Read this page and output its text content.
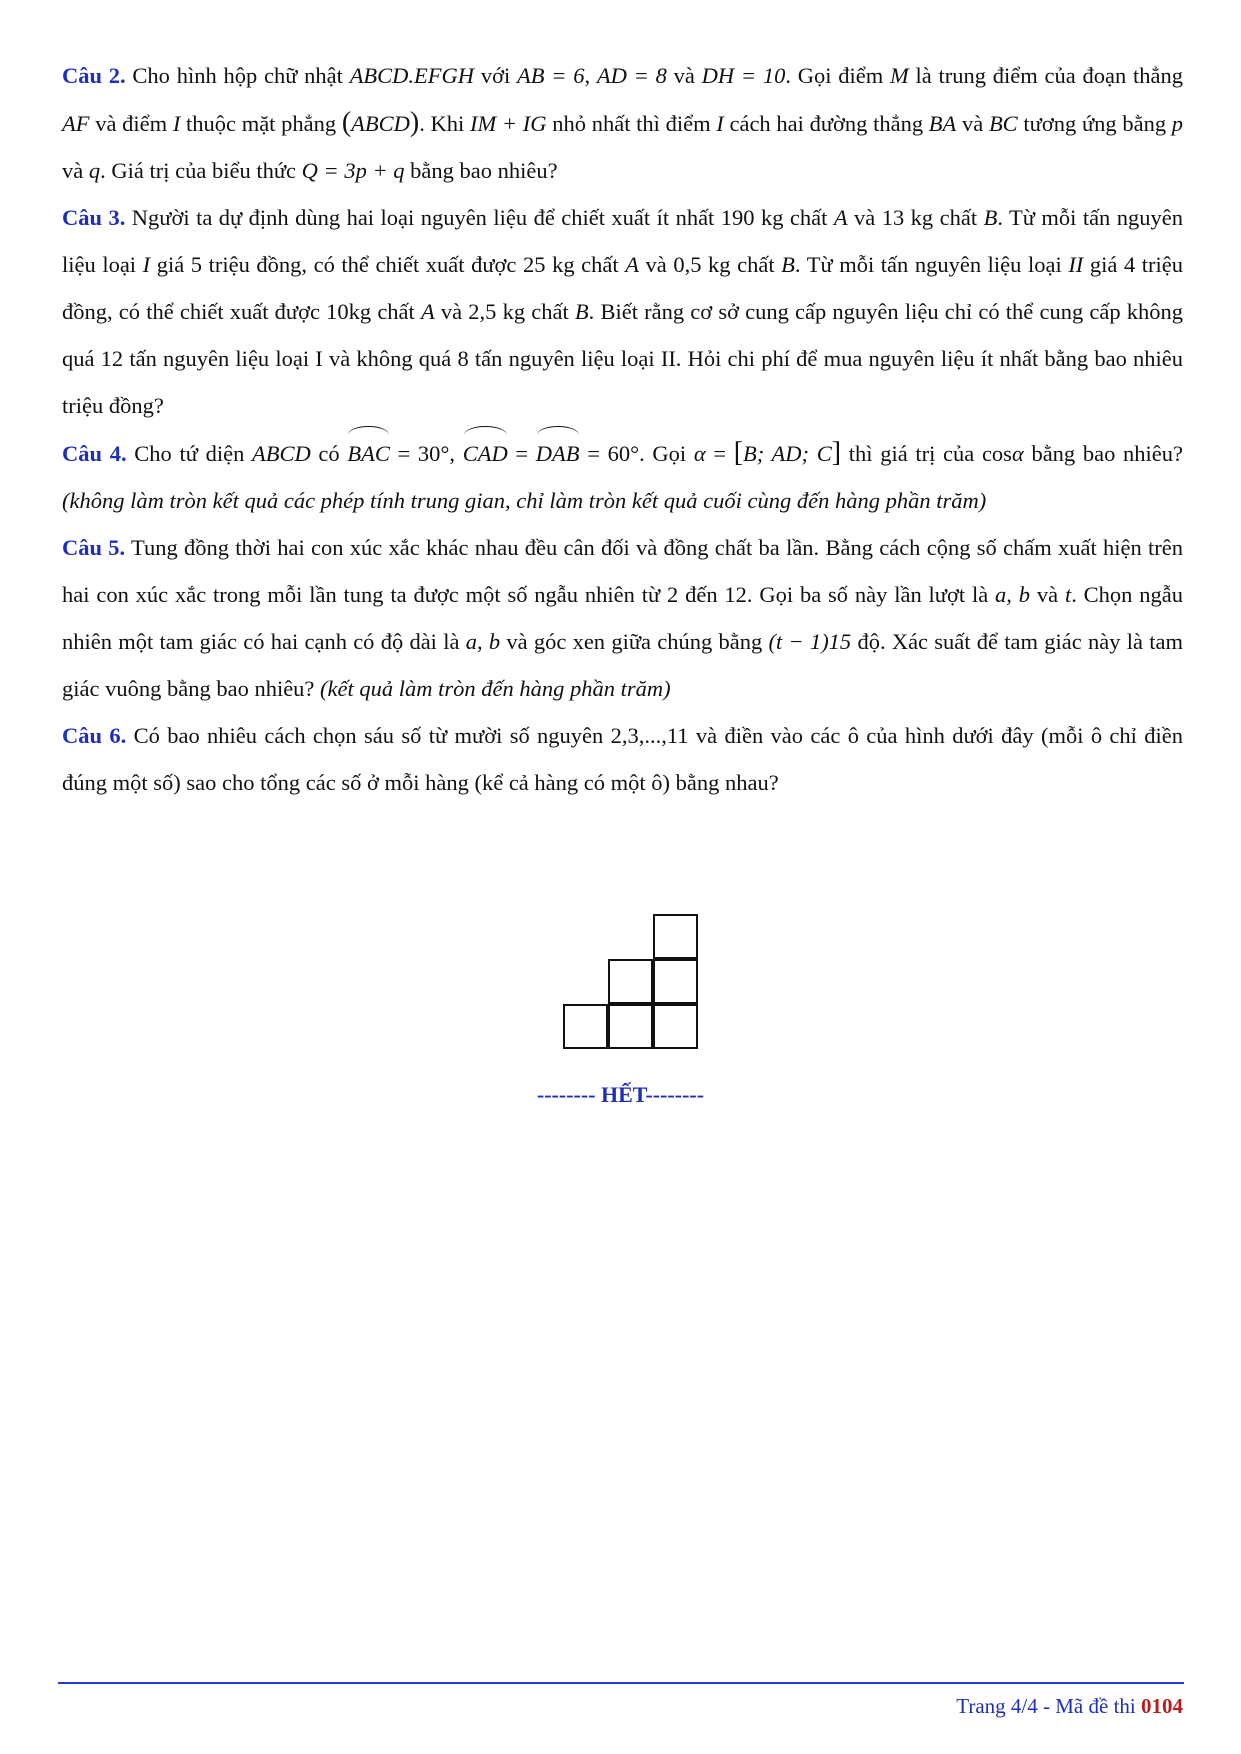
Câu 2. Cho hình hộp chữ nhật ABCD.EFGH với AB = 6, AD = 8 và DH = 10. Gọi điểm M là trung điểm của đoạn thẳng AF và điểm I thuộc mặt phẳng (ABCD). Khi IM + IG nhỏ nhất thì điểm I cách hai đường thẳng BA và BC tương ứng bằng p và q. Giá trị của biểu thức Q = 3p + q bằng bao nhiêu?

Câu 3. Người ta dự định dùng hai loại nguyên liệu để chiết xuất ít nhất 190 kg chất A và 13 kg chất B. Từ mỗi tấn nguyên liệu loại I giá 5 triệu đồng, có thể chiết xuất được 25 kg chất A và 0,5 kg chất B. Từ mỗi tấn nguyên liệu loại II giá 4 triệu đồng, có thể chiết xuất được 10kg chất A và 2,5 kg chất B. Biết rằng cơ sở cung cấp nguyên liệu chỉ có thể cung cấp không quá 12 tấn nguyên liệu loại I và không quá 8 tấn nguyên liệu loại II. Hỏi chi phí để mua nguyên liệu ít nhất bằng bao nhiêu triệu đồng?

Câu 4. Cho tứ diện ABCD có BAC = 30°, CAD = DAB = 60°. Gọi α = [B; AD; C] thì giá trị của cosα bằng bao nhiêu? (không làm tròn kết quả các phép tính trung gian, chỉ làm tròn kết quả cuối cùng đến hàng phần trăm)

Câu 5. Tung đồng thời hai con xúc xắc khác nhau đều cân đối và đồng chất ba lần. Bằng cách cộng số chấm xuất hiện trên hai con xúc xắc trong mỗi lần tung ta được một số ngẫu nhiên từ 2 đến 12. Gọi ba số này lần lượt là a, b và t. Chọn ngẫu nhiên một tam giác có hai cạnh có độ dài là a, b và góc xen giữa chúng bằng (t − 1)15 độ. Xác suất để tam giác này là tam giác vuông bằng bao nhiêu? (kết quả làm tròn đến hàng phần trăm)

Câu 6. Có bao nhiêu cách chọn sáu số từ mười số nguyên 2,3,...,11 và điền vào các ô của hình dưới đây (mỗi ô chỉ điền đúng một số) sao cho tổng các số ở mỗi hàng (kể cả hàng có một ô) bằng nhau?

-------- HẾT--------
Trang 4/4 - Mã đề thi 0104
